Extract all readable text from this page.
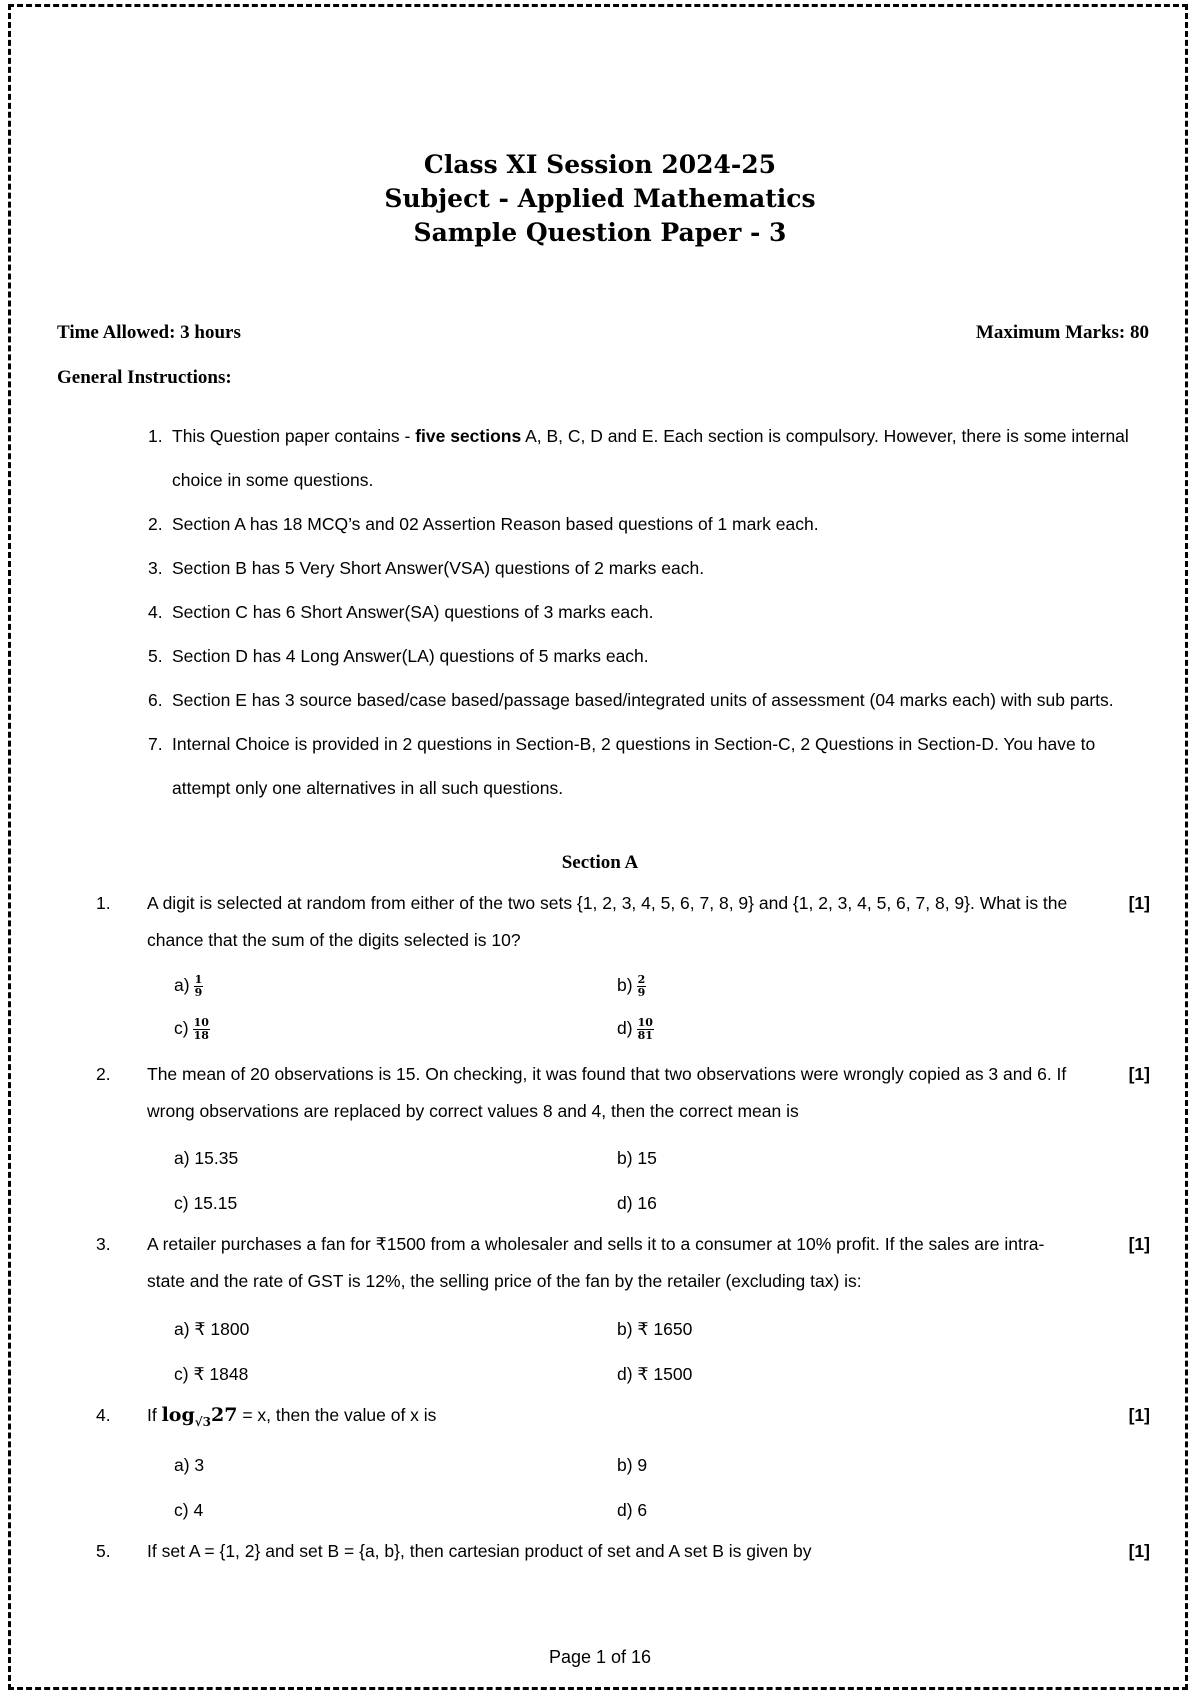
Class XI Session 2024-25
Subject - Applied Mathematics
Sample Question Paper - 3
Time Allowed: 3 hours	Maximum Marks: 80
General Instructions:
1. This Question paper contains - five sections A, B, C, D and E. Each section is compulsory. However, there is some internal choice in some questions.
2. Section A has 18 MCQ’s and 02 Assertion Reason based questions of 1 mark each.
3. Section B has 5 Very Short Answer(VSA) questions of 2 marks each.
4. Section C has 6 Short Answer(SA) questions of 3 marks each.
5. Section D has 4 Long Answer(LA) questions of 5 marks each.
6. Section E has 3 source based/case based/passage based/integrated units of assessment (04 marks each) with sub parts.
7. Internal Choice is provided in 2 questions in Section-B, 2 questions in Section-C, 2 Questions in Section-D. You have to attempt only one alternatives in all such questions.
Section A
1. A digit is selected at random from either of the two sets {1, 2, 3, 4, 5, 6, 7, 8, 9} and {1, 2, 3, 4, 5, 6, 7, 8, 9}. What is the chance that the sum of the digits selected is 10?
[1]
$a) \frac{1}{9}$	$b) \frac{2}{9}$
$c) \frac{10}{18}$	$d) \frac{10}{81}$
2. The mean of 20 observations is 15. On checking, it was found that two observations were wrongly copied as 3 and 6. If wrong observations are replaced by correct values 8 and 4, then the correct mean is
[1]
a) 15.35	b) 15
c) 15.15	d) 16
3. A retailer purchases a fan for ₹1500 from a wholesaler and sells it to a consumer at 10% profit. If the sales are intra-state and the rate of GST is 12%, the selling price of the fan by the retailer (excluding tax) is:
[1]
a) ₹ 1800	b) ₹ 1650
c) ₹ 1848	d) ₹ 1500
4. If $\log_{√3}27 = x$, then the value of x is	[1]
a) 3	b) 9
c) 4	d) 6
5. If set A = {1, 2} and set B = {a, b}, then cartesian product of set and A set B is given by	[1]
Page 1 of 16
